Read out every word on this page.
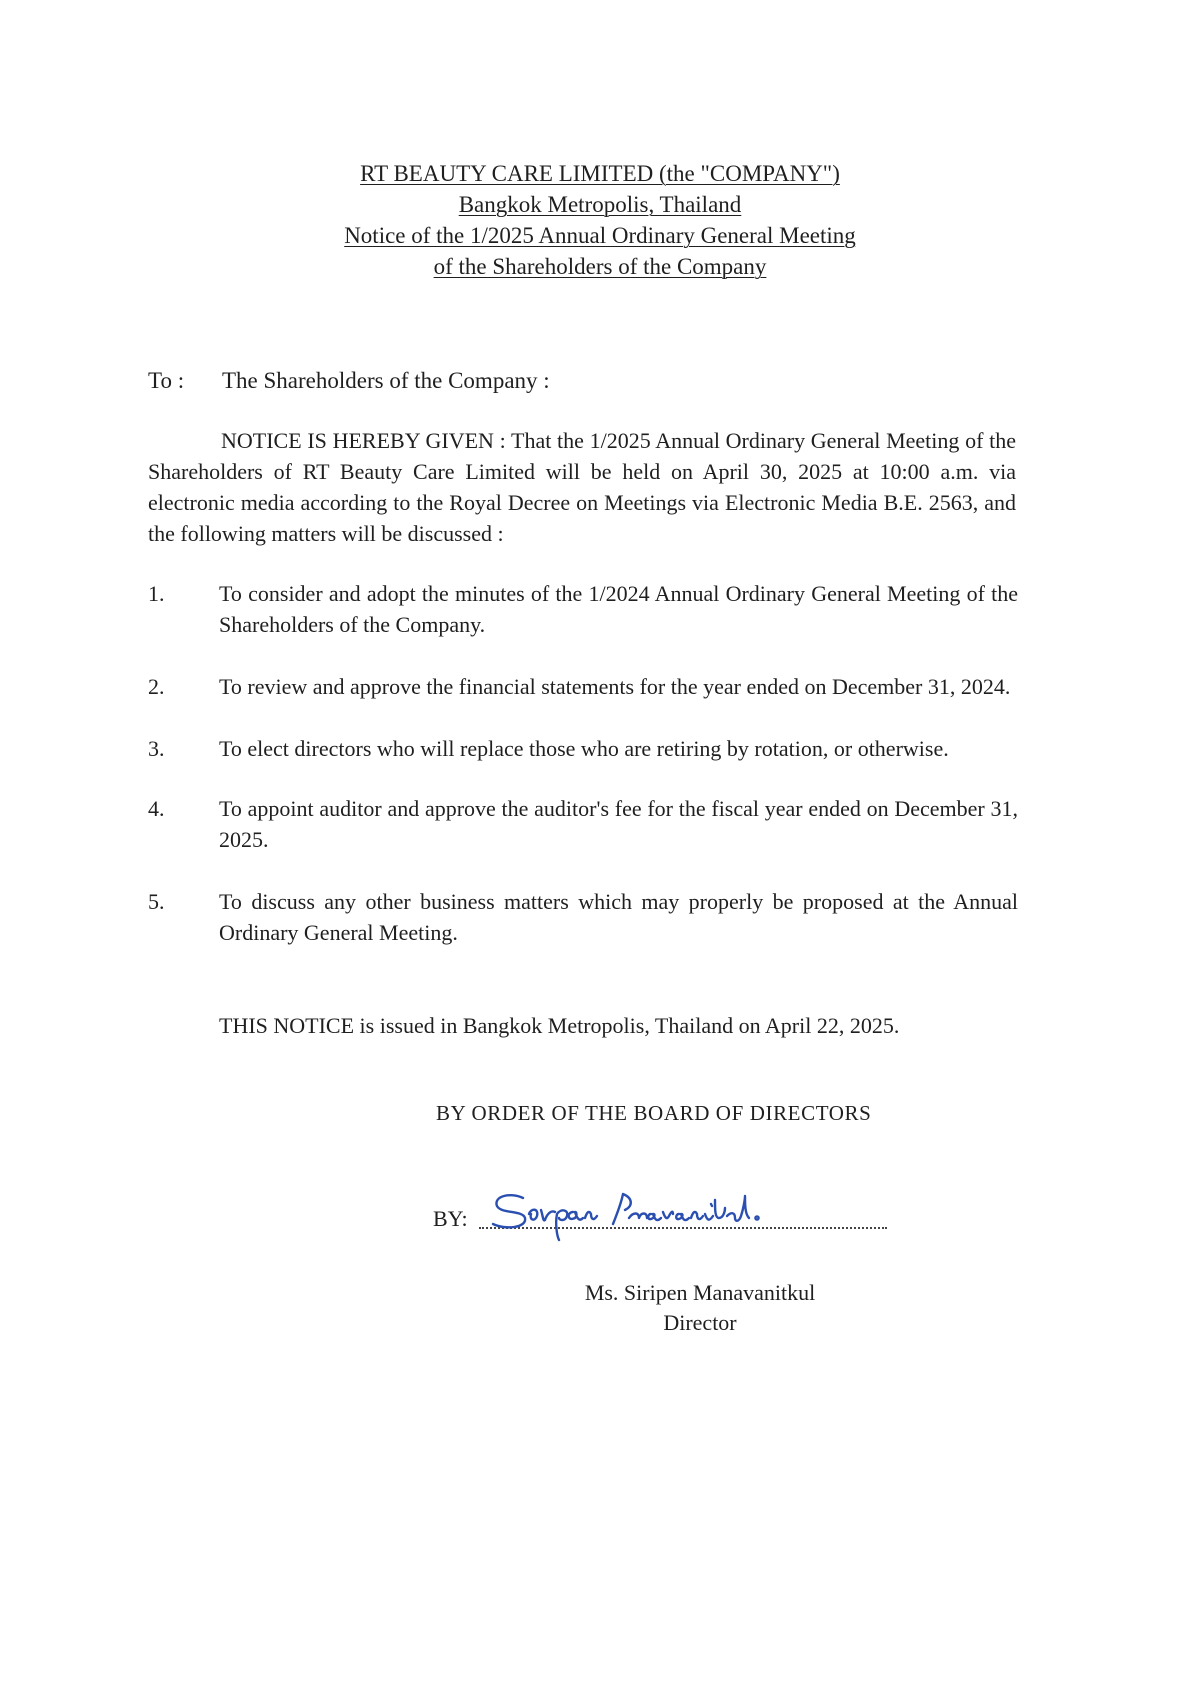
RT BEAUTY CARE LIMITED (the "COMPANY")
Bangkok Metropolis, Thailand
Notice of the 1/2025 Annual Ordinary General Meeting
of the Shareholders of the Company
To : The Shareholders of the Company :
NOTICE IS HEREBY GIVEN : That the 1/2025 Annual Ordinary General Meeting of the Shareholders of RT Beauty Care Limited will be held on April 30, 2025 at 10:00 a.m. via electronic media according to the Royal Decree on Meetings via Electronic Media B.E. 2563, and the following matters will be discussed :
1. To consider and adopt the minutes of the 1/2024 Annual Ordinary General Meeting of the Shareholders of the Company.
2. To review and approve the financial statements for the year ended on December 31, 2024.
3. To elect directors who will replace those who are retiring by rotation, or otherwise.
4. To appoint auditor and approve the auditor's fee for the fiscal year ended on December 31, 2025.
5. To discuss any other business matters which may properly be proposed at the Annual Ordinary General Meeting.
THIS NOTICE is issued in Bangkok Metropolis, Thailand on April 22, 2025.
BY ORDER OF THE BOARD OF DIRECTORS
BY:
Ms. Siripen Manavanitkul
Director
